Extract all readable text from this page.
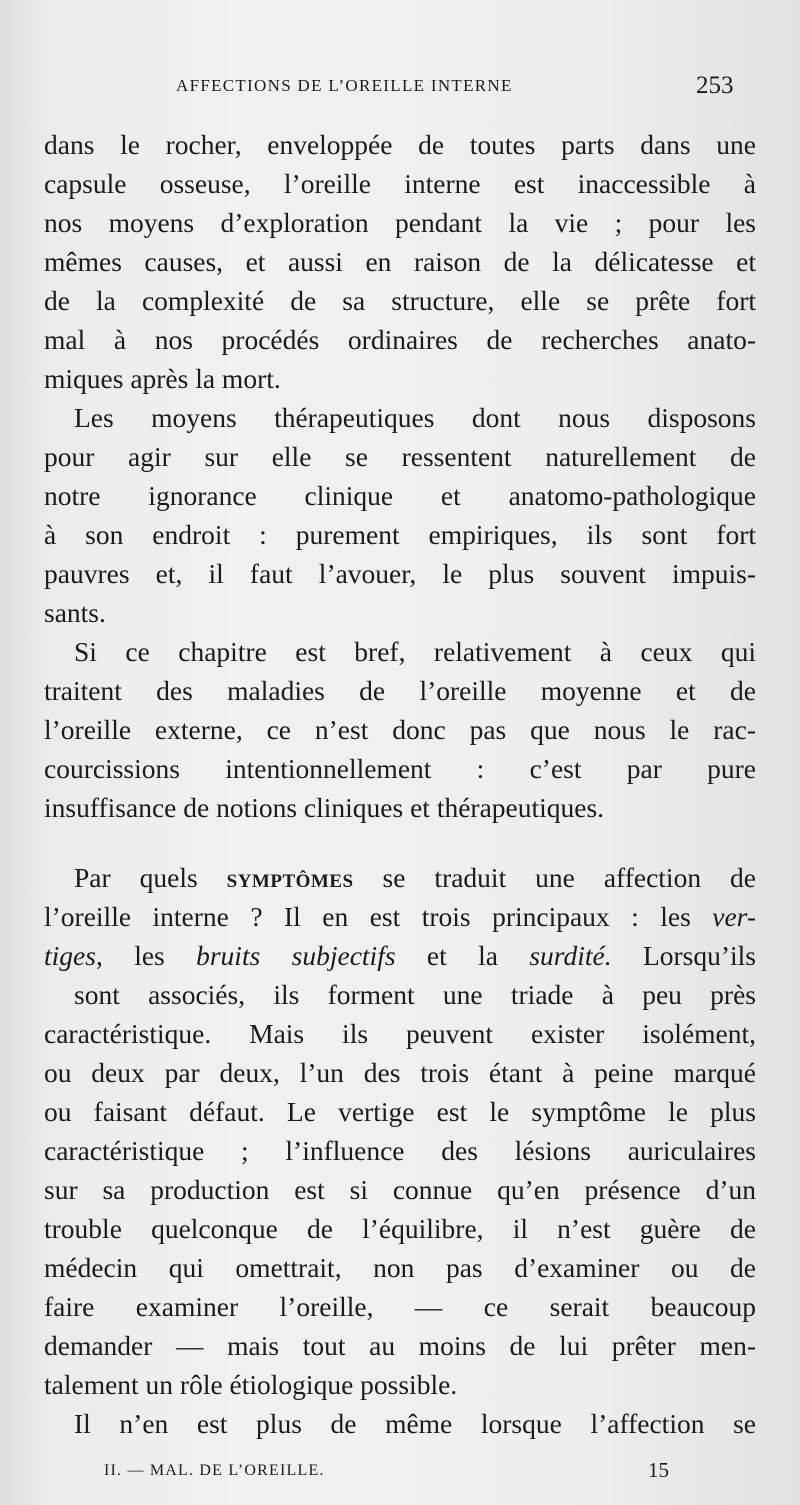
AFFECTIONS DE L’OREILLE INTERNE	253

dans le rocher, enveloppée de toutes parts dans une
capsule osseuse, l’oreille interne est inaccessible à
nos moyens d’exploration pendant la vie ; pour les
mêmes causes, et aussi en raison de la délicatesse et
de la complexité de sa structure, elle se prête fort
mal à nos procédés ordinaires de recherches anato-
miques après la mort.

Les moyens thérapeutiques dont nous disposons
pour agir sur elle se ressentent naturellement de
notre ignorance clinique et anatomo-pathologique
à son endroit : purement empiriques, ils sont fort
pauvres et, il faut l’avouer, le plus souvent impuis-
sants.

Si ce chapitre est bref, relativement à ceux qui
traitent des maladies de l’oreille moyenne et de
l’oreille externe, ce n’est donc pas que nous le rac-
courcissions intentionnellement : c’est par pure
insuffisance de notions cliniques et thérapeutiques.

Par quels symptômes se traduit une affection de
l’oreille interne ? Il en est trois principaux : les ver-
tiges, les bruits subjectifs et la surdité. Lorsqu’ils
sont associés, ils forment une triade à peu près
caractéristique. Mais ils peuvent exister isolément,
ou deux par deux, l’un des trois étant à peine marqué
ou faisant défaut. Le vertige est le symptôme le plus
caractéristique ; l’influence des lésions auriculaires
sur sa production est si connue qu’en présence d’un
trouble quelconque de l’équilibre, il n’est guère de
médecin qui omettrait, non pas d’examiner ou de
faire examiner l’oreille, — ce serait beaucoup
demander — mais tout au moins de lui prêter men-
talement un rôle étiologique possible.

Il n’en est plus de même lorsque l’affection se

II. — MAL. DE L’OREILLE.	15
